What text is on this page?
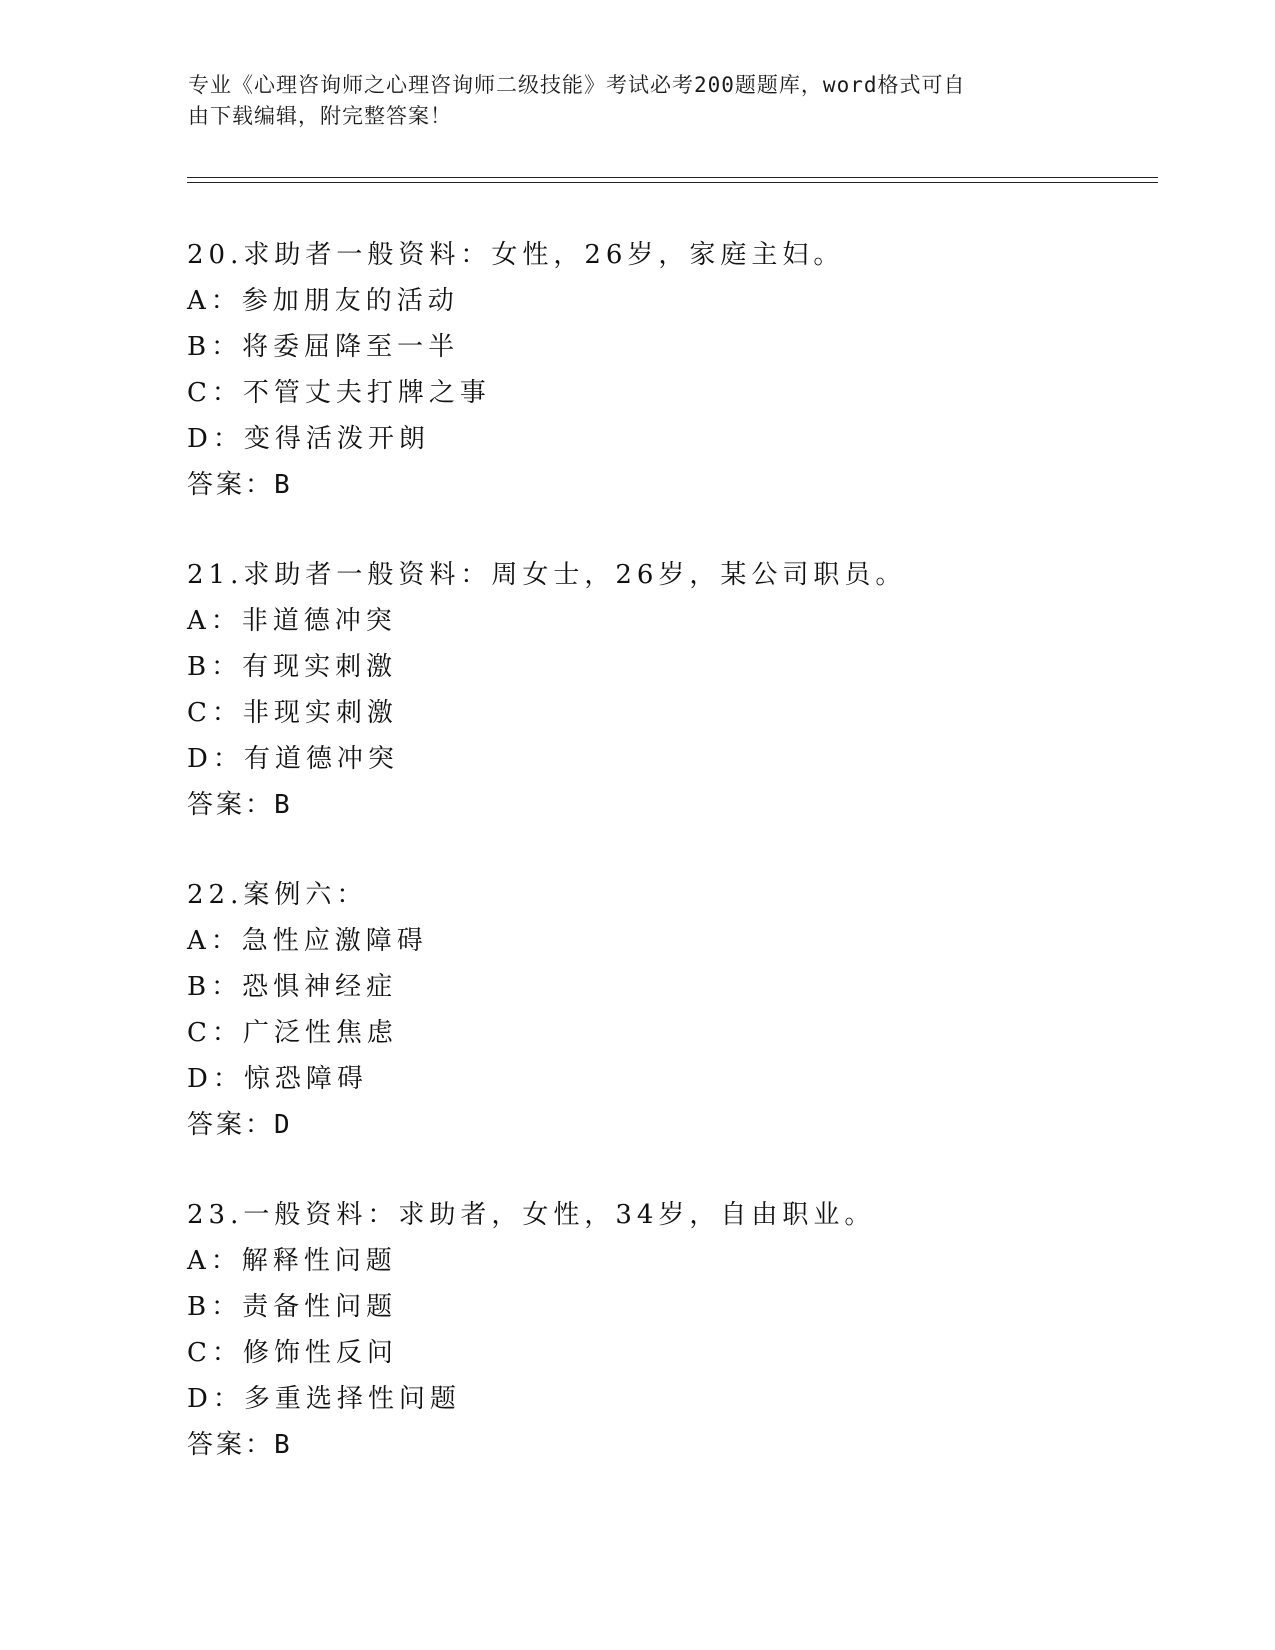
专业《心理咨询师之心理咨询师二级技能》考试必考200题题库，word格式可自
由下载编辑，附完整答案！
20.求助者一般资料：女性，26岁，家庭主妇。
A：参加朋友的活动
B：将委屈降至一半
C：不管丈夫打牌之事
D：变得活泼开朗
答案：B
21.求助者一般资料：周女士，26岁，某公司职员。
A：非道德冲突
B：有现实刺激
C：非现实刺激
D：有道德冲突
答案：B
22.案例六：
A：急性应激障碍
B：恐惧神经症
C：广泛性焦虑
D：惊恐障碍
答案：D
23.一般资料：求助者，女性，34岁，自由职业。
A：解释性问题
B：责备性问题
C：修饰性反问
D：多重选择性问题
答案：B
